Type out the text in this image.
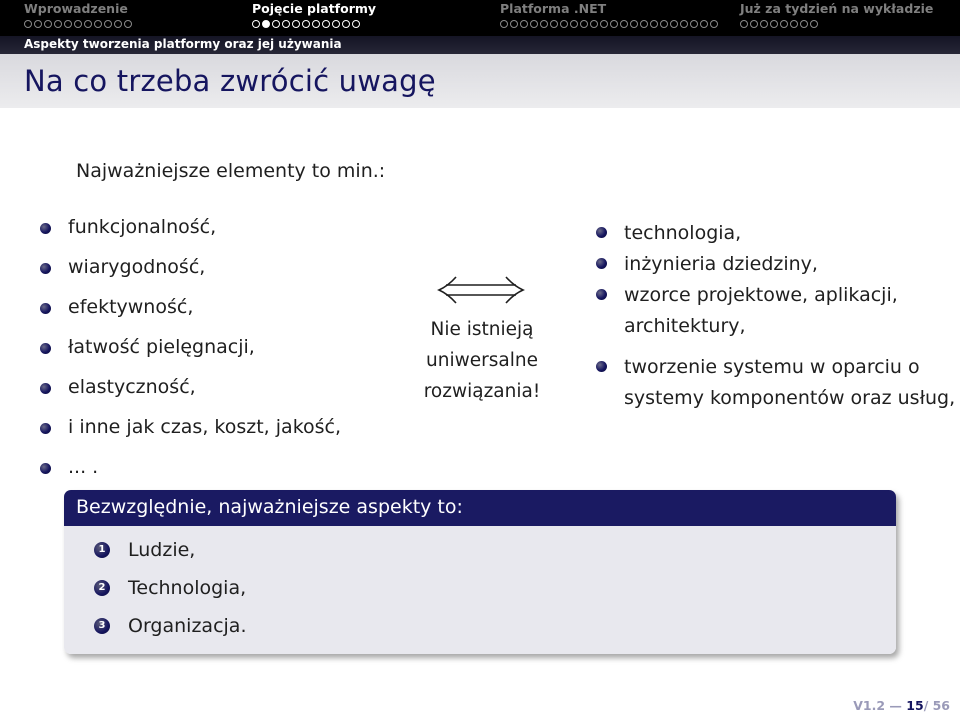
Wprowadzenie	Pojęcie platformy	Platforma .NET	Już za tydzień na wykładzie
Aspekty tworzenia platformy oraz jej używania
Na co trzeba zwrócić uwagę
Najważniejsze elementy to min.:
funkcjonalność,
wiarygodność,
efektywność,
łatwość pielęgnacji,
elastyczność,
i inne jak czas, koszt, jakość,
... .
Nie istnieją uniwersalne rozwiązania!
technologia,
inżynieria dziedziny,
wzorce projektowe, aplikacji, architektury,
tworzenie systemu w oparciu o systemy komponentów oraz usług,
Bezwzględnie, najważniejsze aspekty to:
1 Ludzie,
2 Technologia,
3 Organizacja.
V1.2 — 15/ 56
